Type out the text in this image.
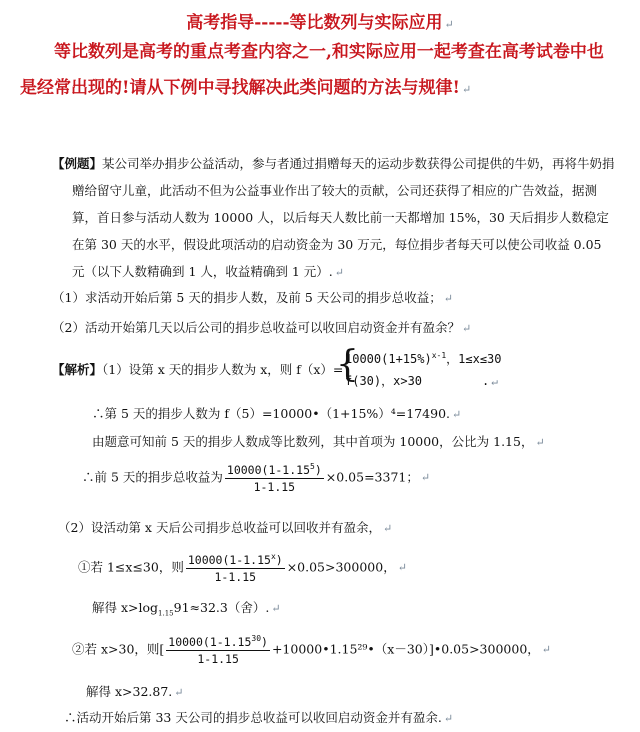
高考指导-----等比数列与实际应用 ↵
等比数列是高考的重点考查内容之一,和实际应用一起考查在高考试卷中也是经常出现的!请从下例中寻找解决此类问题的方法与规律! ↵
【例题】某公司举办捐步公益活动，参与者通过捐赠每天的运动步数获得公司提供的牛奶，再将牛奶捐赠给留守儿童，此活动不但为公益事业作出了较大的贡献，公司还获得了相应的广告效益，据测算，首日参与活动人数为 10000 人，以后每天人数比前一天都增加 15%，30 天后捐步人数稳定在第 30 天的水平，假设此项活动的启动资金为 30 万元，每位捐步者每天可以使公司收益 0.05 元（以下人数精确到 1 人，收益精确到 1 元）. ↵
（1）求活动开始后第 5 天的捐步人数，及前 5 天公司的捐步总收益； ↵
（2）活动开始第几天以后公司的捐步总收益可以收回启动资金并有盈余？ ↵
【解析】（1）设第 x 天的捐步人数为 x，则 f（x）=
{
$10000(1+15\%)^{x-1}$，1≤x≤30
f(30)，x>30	. ↵
∴第 5 天的捐步人数为 f（5）=10000•（1+15%）⁴=17490. ↵
由题意可知前 5 天的捐步人数成等比数列，其中首项为 10000，公比为 1.15， ↵
∴前 5 天的捐步总收益为 $\frac{10000(1-1.15^5)}{1-1.15} \times 0.05=3371$； ↵
（2）设活动第 x 天后公司捐步总收益可以回收并有盈余， ↵
①若 1≤x≤30，则 $\frac{10000(1-1.15^x)}{1-1.15} \times 0.05>300000$， ↵
解得 $x>\log_{1.15}91\approx 32.3$（舍）. ↵
②若 x>30，则[ $\frac{10000(1-1.15^{30})}{1-1.15}$ +10000•1.15²⁹•（x－30）]•0.05>300000， ↵
解得 x>32.87. ↵
∴活动开始后第 33 天公司的捐步总收益可以收回启动资金并有盈余. ↵
